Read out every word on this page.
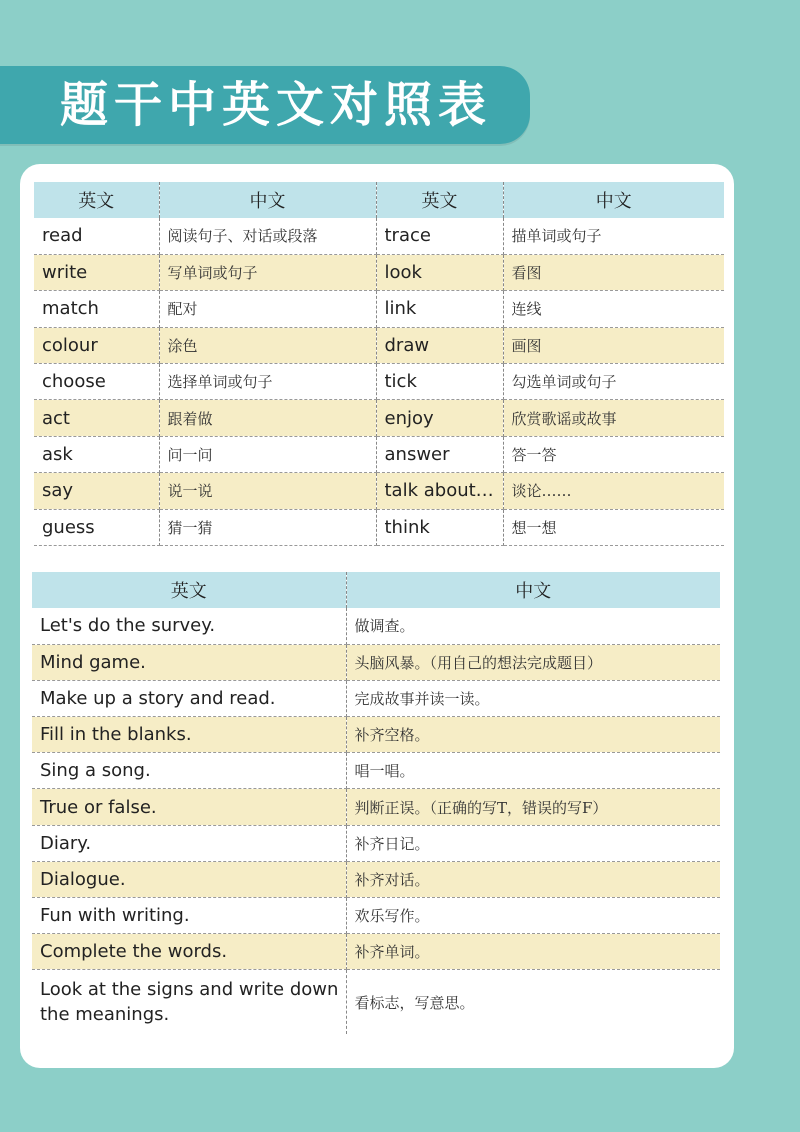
题干中英文对照表
英文	中文	英文	中文
read	阅读句子、对话或段落	trace	描单词或句子
write	写单词或句子	look	看图
match	配对	link	连线
colour	涂色	draw	画图
choose	选择单词或句子	tick	勾选单词或句子
act	跟着做	enjoy	欣赏歌谣或故事
ask	问一问	answer	答一答
say	说一说	talk about…	谈论……
guess	猜一猜	think	想一想
英文	中文
Let's do the survey.	做调查。
Mind game.	头脑风暴。（用自己的想法完成题目）
Make up a story and read.	完成故事并读一读。
Fill in the blanks.	补齐空格。
Sing a song.	唱一唱。
True or false.	判断正误。（正确的写T，错误的写F）
Diary.	补齐日记。
Dialogue.	补齐对话。
Fun with writing.	欢乐写作。
Complete the words.	补齐单词。
Look at the signs and write down the meanings.	看标志，写意思。
